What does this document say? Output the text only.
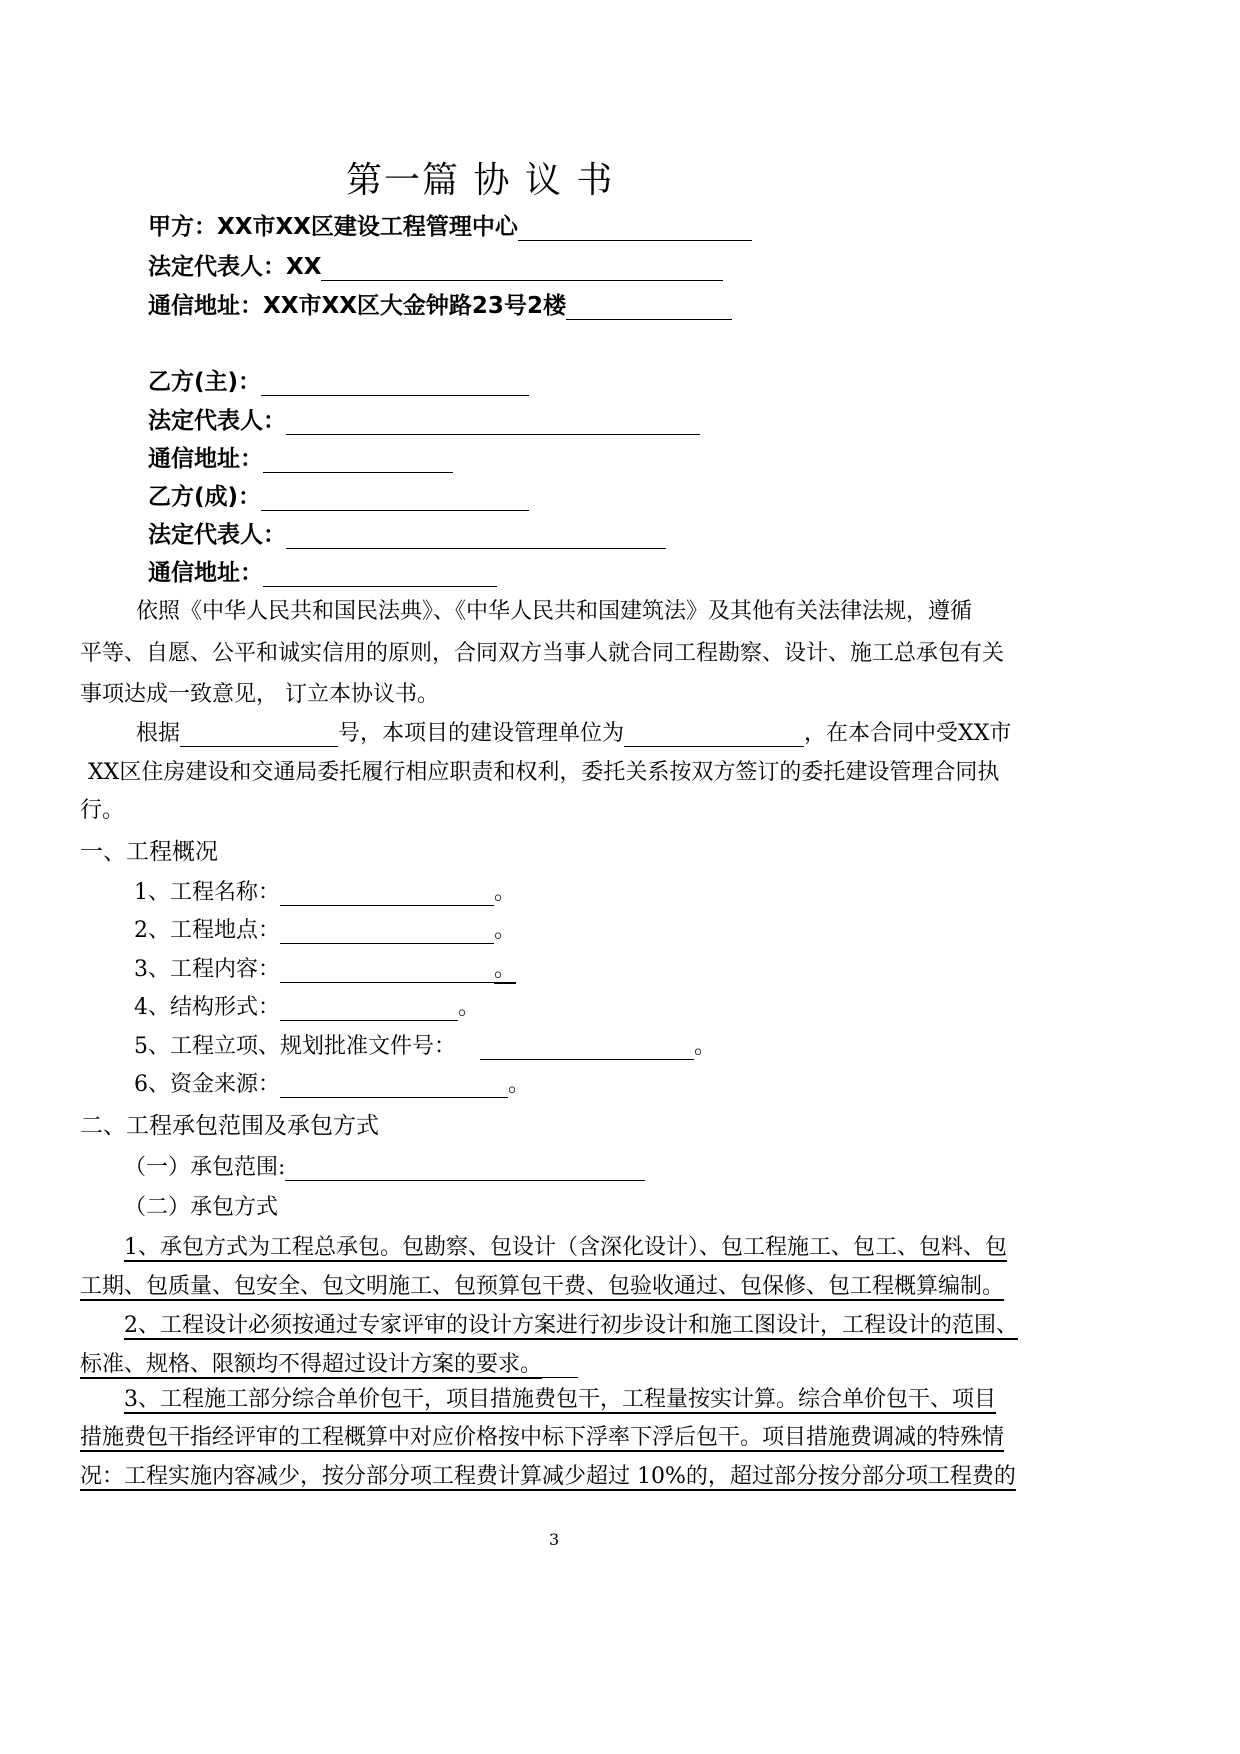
第一篇 协 议 书
甲方：XX市XX区建设工程管理中心
法定代表人：XX
通信地址：XX市XX区大金钟路23号2楼
乙方(主)：
法定代表人：
通信地址：
乙方(成)：
法定代表人：
通信地址：
依照《中华人民共和国民法典》、《中华人民共和国建筑法》及其他有关法律法规，遵循
平等、自愿、公平和诚实信用的原则，合同双方当事人就合同工程勘察、设计、施工总承包有关
事项达成一致意见， 订立本协议书。
根据	号，本项目的建设管理单位为	，在本合同中受XX市
XX区住房建设和交通局委托履行相应职责和权利，委托关系按双方签订的委托建设管理合同执
行。
一、工程概况
1、工程名称：	。
2、工程地点：	。
3、工程内容：	。
4、结构形式：	。
5、工程立项、规划批准文件号：	。
6、资金来源：	。
二、工程承包范围及承包方式
（一）承包范围:
（二）承包方式
1、承包方式为工程总承包。包勘察、包设计（含深化设计）、包工程施工、包工、包料、包
工期、包质量、包安全、包文明施工、包预算包干费、包验收通过、包保修、包工程概算编制。
2、工程设计必须按通过专家评审的设计方案进行初步设计和施工图设计，工程设计的范围、
标准、规格、限额均不得超过设计方案的要求。
3、工程施工部分综合单价包干，项目措施费包干，工程量按实计算。综合单价包干、项目
措施费包干指经评审的工程概算中对应价格按中标下浮率下浮后包干。项目措施费调减的特殊情
况：工程实施内容减少，按分部分项工程费计算减少超过 10%的，超过部分按分部分项工程费的
3
